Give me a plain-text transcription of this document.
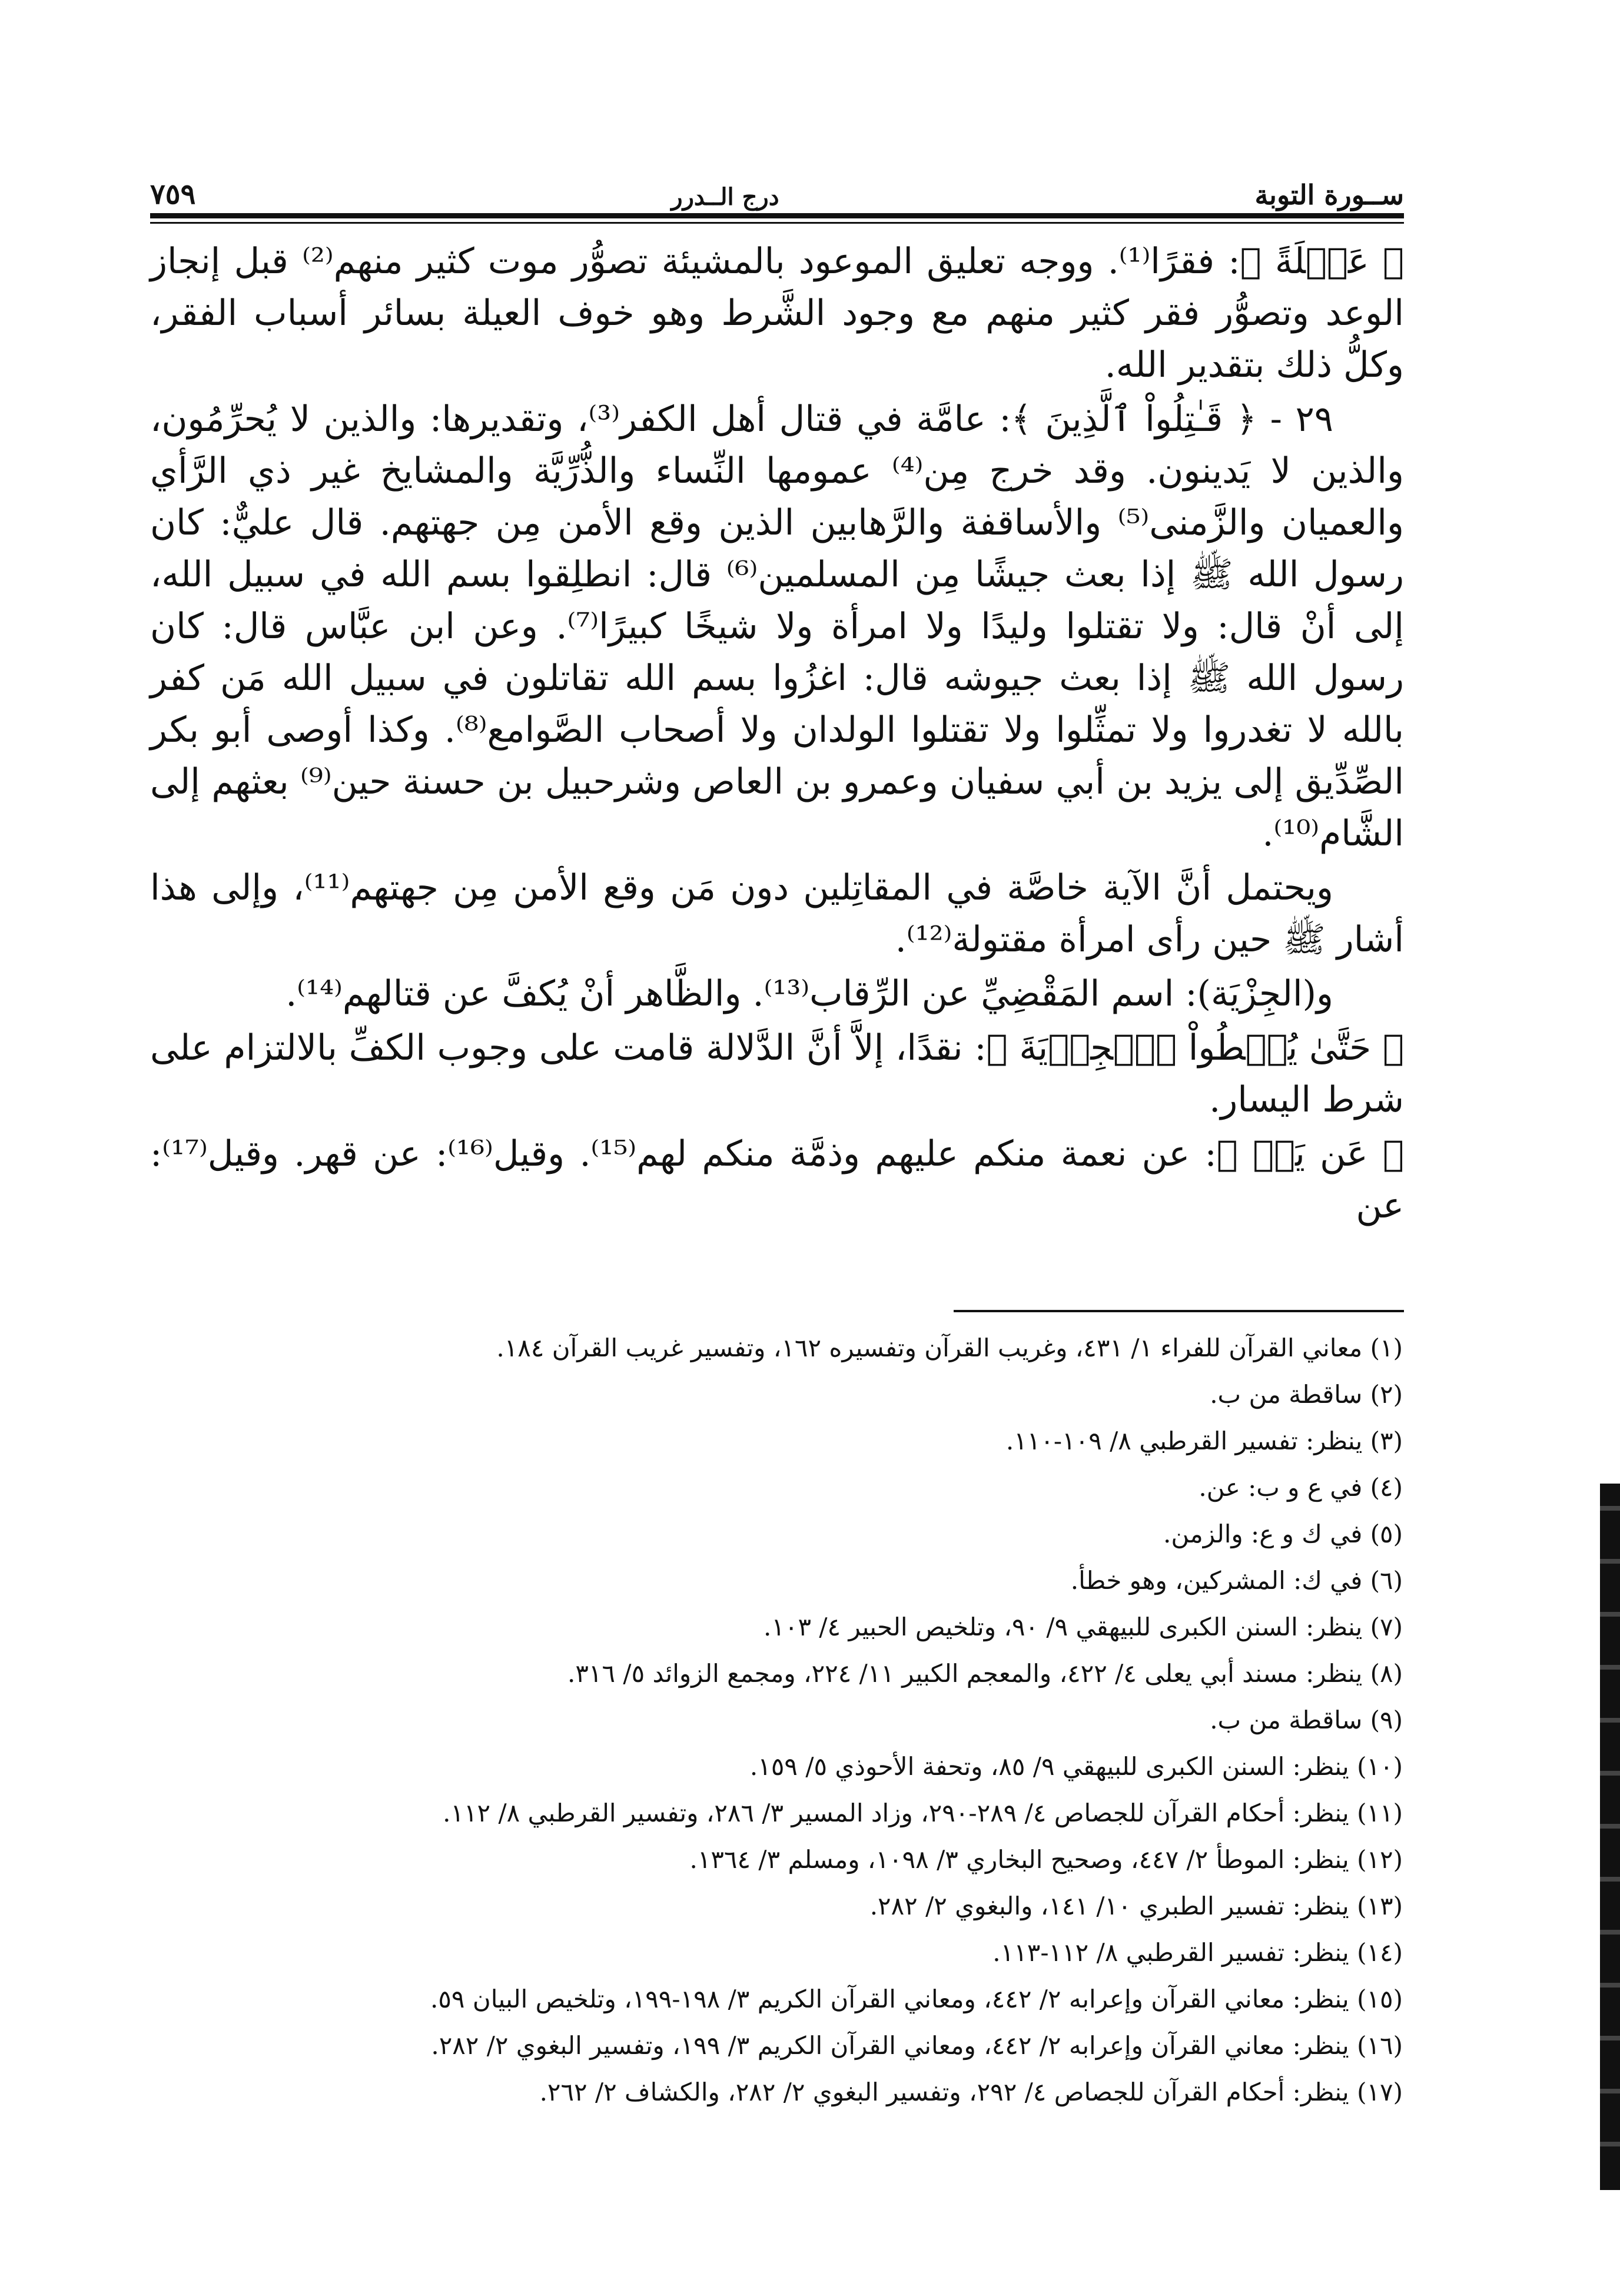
ســورة التوبة
درج الــدرر
٧٥٩

﴿ عَيۡلَةً ﴾: فقرًا⁽¹⁾. ووجه تعليق الموعود بالمشيئة تصوُّر موت كثير منهم⁽²⁾ قبل إنجاز الوعد وتصوُّر فقر كثير منهم مع وجود الشَّرط وهو خوف العيلة بسائر أسباب الفقر، وكلُّ ذلك بتقدير الله.

٢٩ - ﴿ قَـٰتِلُواْ ٱلَّذِينَ ﴾: عامَّة في قتال أهل الكفر⁽³⁾، وتقديرها: والذين لا يُحرِّمُون، والذين لا يَدينون. وقد خرج مِن⁽⁴⁾ عمومها النِّساء والذُّرِّيَّة والمشايخ غير ذي الرَّأي والعميان والزَّمنى⁽⁵⁾ والأساقفة والرَّهابين الذين وقع الأمن مِن جهتهم. قال عليٌّ: كان رسول الله ﷺ إذا بعث جيشًا مِن المسلمين⁽⁶⁾ قال: انطلِقوا بسم الله في سبيل الله، إلى أنْ قال: ولا تقتلوا وليدًا ولا امرأة ولا شيخًا كبيرًا⁽⁷⁾. وعن ابن عبَّاس قال: كان رسول الله ﷺ إذا بعث جيوشه قال: اغزُوا بسم الله تقاتلون في سبيل الله مَن كفر بالله لا تغدروا ولا تمثِّلوا ولا تقتلوا الولدان ولا أصحاب الصَّوامع⁽⁸⁾. وكذا أوصى أبو بكر الصِّدِّيق إلى يزيد بن أبي سفيان وعمرو بن العاص وشرحبيل بن حسنة حين⁽⁹⁾ بعثهم إلى الشَّام⁽¹⁰⁾.

ويحتمل أنَّ الآية خاصَّة في المقاتِلين دون مَن وقع الأمن مِن جهتهم⁽¹¹⁾، وإلى هذا أشار ﷺ حين رأى امرأة مقتولة⁽¹²⁾.

و(الجِزْيَة): اسم المَقْضِيِّ عن الرِّقاب⁽¹³⁾. والظَّاهر أنْ يُكفَّ عن قتالهم⁽¹⁴⁾.

﴿ حَتَّىٰ يُعۡطُواْ ٱلۡجِزۡيَةَ ﴾: نقدًا، إلاَّ أنَّ الدَّلالة قامت على وجوب الكفِّ بالالتزام على شرط اليسار.

﴿ عَن يَدٖ ﴾: عن نعمة منكم عليهم وذمَّة منكم لهم⁽¹⁵⁾. وقيل⁽¹⁶⁾: عن قهر. وقيل⁽¹⁷⁾: عن

(١) معاني القرآن للفراء ١/ ٤٣١، وغريب القرآن وتفسيره ١٦٢، وتفسير غريب القرآن ١٨٤.
(٢) ساقطة من ب.
(٣) ينظر: تفسير القرطبي ٨/ ١٠٩-١١٠.
(٤) في ع و ب: عن.
(٥) في ك و ع: والزمن.
(٦) في ك: المشركين، وهو خطأ.
(٧) ينظر: السنن الكبرى للبيهقي ٩/ ٩٠، وتلخيص الحبير ٤/ ١٠٣.
(٨) ينظر: مسند أبي يعلى ٤/ ٤٢٢، والمعجم الكبير ١١/ ٢٢٤، ومجمع الزوائد ٥/ ٣١٦.
(٩) ساقطة من ب.
(١٠) ينظر: السنن الكبرى للبيهقي ٩/ ٨٥، وتحفة الأحوذي ٥/ ١٥٩.
(١١) ينظر: أحكام القرآن للجصاص ٤/ ٢٨٩-٢٩٠، وزاد المسير ٣/ ٢٨٦، وتفسير القرطبي ٨/ ١١٢.
(١٢) ينظر: الموطأ ٢/ ٤٤٧، وصحيح البخاري ٣/ ١٠٩٨، ومسلم ٣/ ١٣٦٤.
(١٣) ينظر: تفسير الطبري ١٠/ ١٤١، والبغوي ٢/ ٢٨٢.
(١٤) ينظر: تفسير القرطبي ٨/ ١١٢-١١٣.
(١٥) ينظر: معاني القرآن وإعرابه ٢/ ٤٤٢، ومعاني القرآن الكريم ٣/ ١٩٨-١٩٩، وتلخيص البيان ٥٩.
(١٦) ينظر: معاني القرآن وإعرابه ٢/ ٤٤٢، ومعاني القرآن الكريم ٣/ ١٩٩، وتفسير البغوي ٢/ ٢٨٢.
(١٧) ينظر: أحكام القرآن للجصاص ٤/ ٢٩٢، وتفسير البغوي ٢/ ٢٨٢، والكشاف ٢/ ٢٦٢.
